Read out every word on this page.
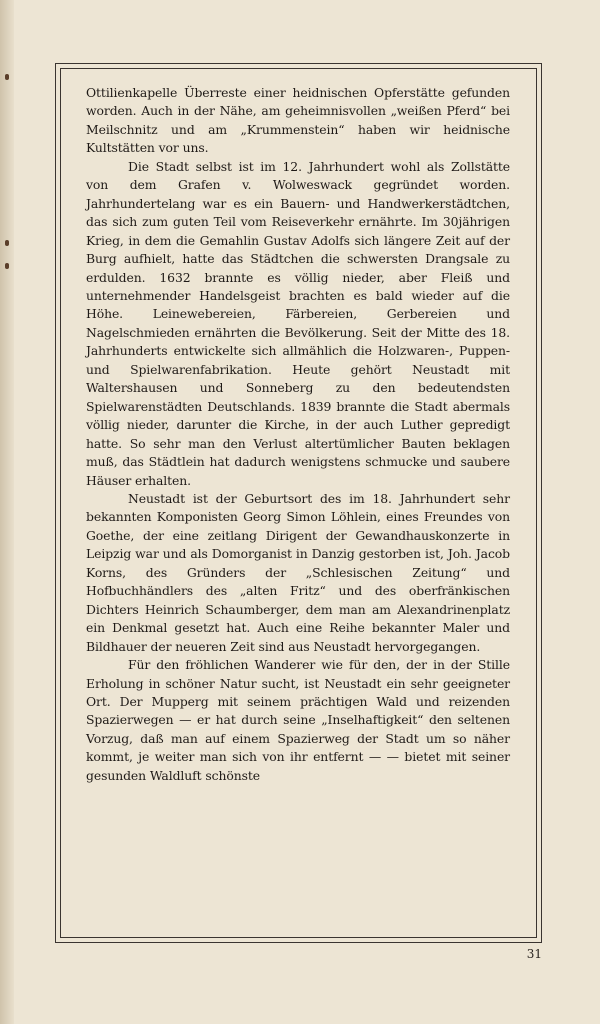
Ottilienkapelle Überreste einer heidnischen Opferstätte gefunden worden. Auch in der Nähe, am geheimnisvollen „weißen Pferd“ bei Meilschnitz und am „Krummenstein“ haben wir heidnische Kultstätten vor uns.

Die Stadt selbst ist im 12. Jahrhundert wohl als Zollstätte von dem Grafen v. Wolweswack gegründet worden. Jahrhundertelang war es ein Bauern- und Handwerkerstädtchen, das sich zum guten Teil vom Reiseverkehr ernährte. Im 30jährigen Krieg, in dem die Gemahlin Gustav Adolfs sich längere Zeit auf der Burg aufhielt, hatte das Städtchen die schwersten Drangsale zu erdulden. 1632 brannte es völlig nieder, aber Fleiß und unternehmender Handelsgeist brachten es bald wieder auf die Höhe. Leinewebereien, Färbereien, Gerbereien und Nagelschmieden ernährten die Bevölkerung. Seit der Mitte des 18. Jahrhunderts entwickelte sich allmählich die Holzwaren-, Puppen- und Spielwarenfabrikation. Heute gehört Neustadt mit Waltershausen und Sonneberg zu den bedeutendsten Spielwarenstädten Deutschlands. 1839 brannte die Stadt abermals völlig nieder, darunter die Kirche, in der auch Luther gepredigt hatte. So sehr man den Verlust altertümlicher Bauten beklagen muß, das Städtlein hat dadurch wenigstens schmucke und saubere Häuser erhalten.

Neustadt ist der Geburtsort des im 18. Jahrhundert sehr bekannten Komponisten Georg Simon Löhlein, eines Freundes von Goethe, der eine zeitlang Dirigent der Gewandhauskonzerte in Leipzig war und als Domorganist in Danzig gestorben ist, Joh. Jacob Korns, des Gründers der „Schlesischen Zeitung“ und Hofbuchhändlers des „alten Fritz“ und des oberfränkischen Dichters Heinrich Schaumberger, dem man am Alexandrinenplatz ein Denkmal gesetzt hat. Auch eine Reihe bekannter Maler und Bildhauer der neueren Zeit sind aus Neustadt hervorgegangen.

Für den fröhlichen Wanderer wie für den, der in der Stille Erholung in schöner Natur sucht, ist Neustadt ein sehr geeigneter Ort. Der Mupperg mit seinem prächtigen Wald und reizenden Spazierwegen — er hat durch seine „Inselhaftigkeit“ den seltenen Vorzug, daß man auf einem Spazierweg der Stadt um so näher kommt, je weiter man sich von ihr entfernt — — bietet mit seiner gesunden Waldluft schönste

31
